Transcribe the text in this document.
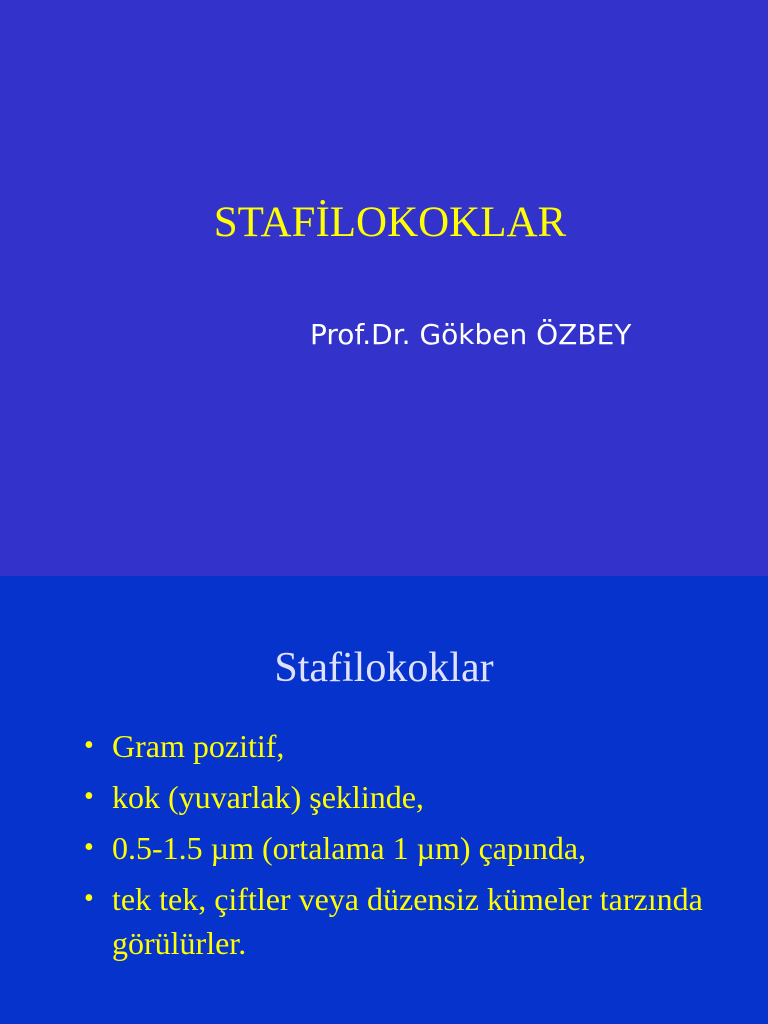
STAFİLOKOKLAR

Prof.Dr. Gökben ÖZBEY

Stafilokoklar
• Gram pozitif,
• kok (yuvarlak) şeklinde,
• 0.5-1.5 µm (ortalama 1 µm) çapında,
• tek tek, çiftler veya düzensiz kümeler tarzında görülürler.
